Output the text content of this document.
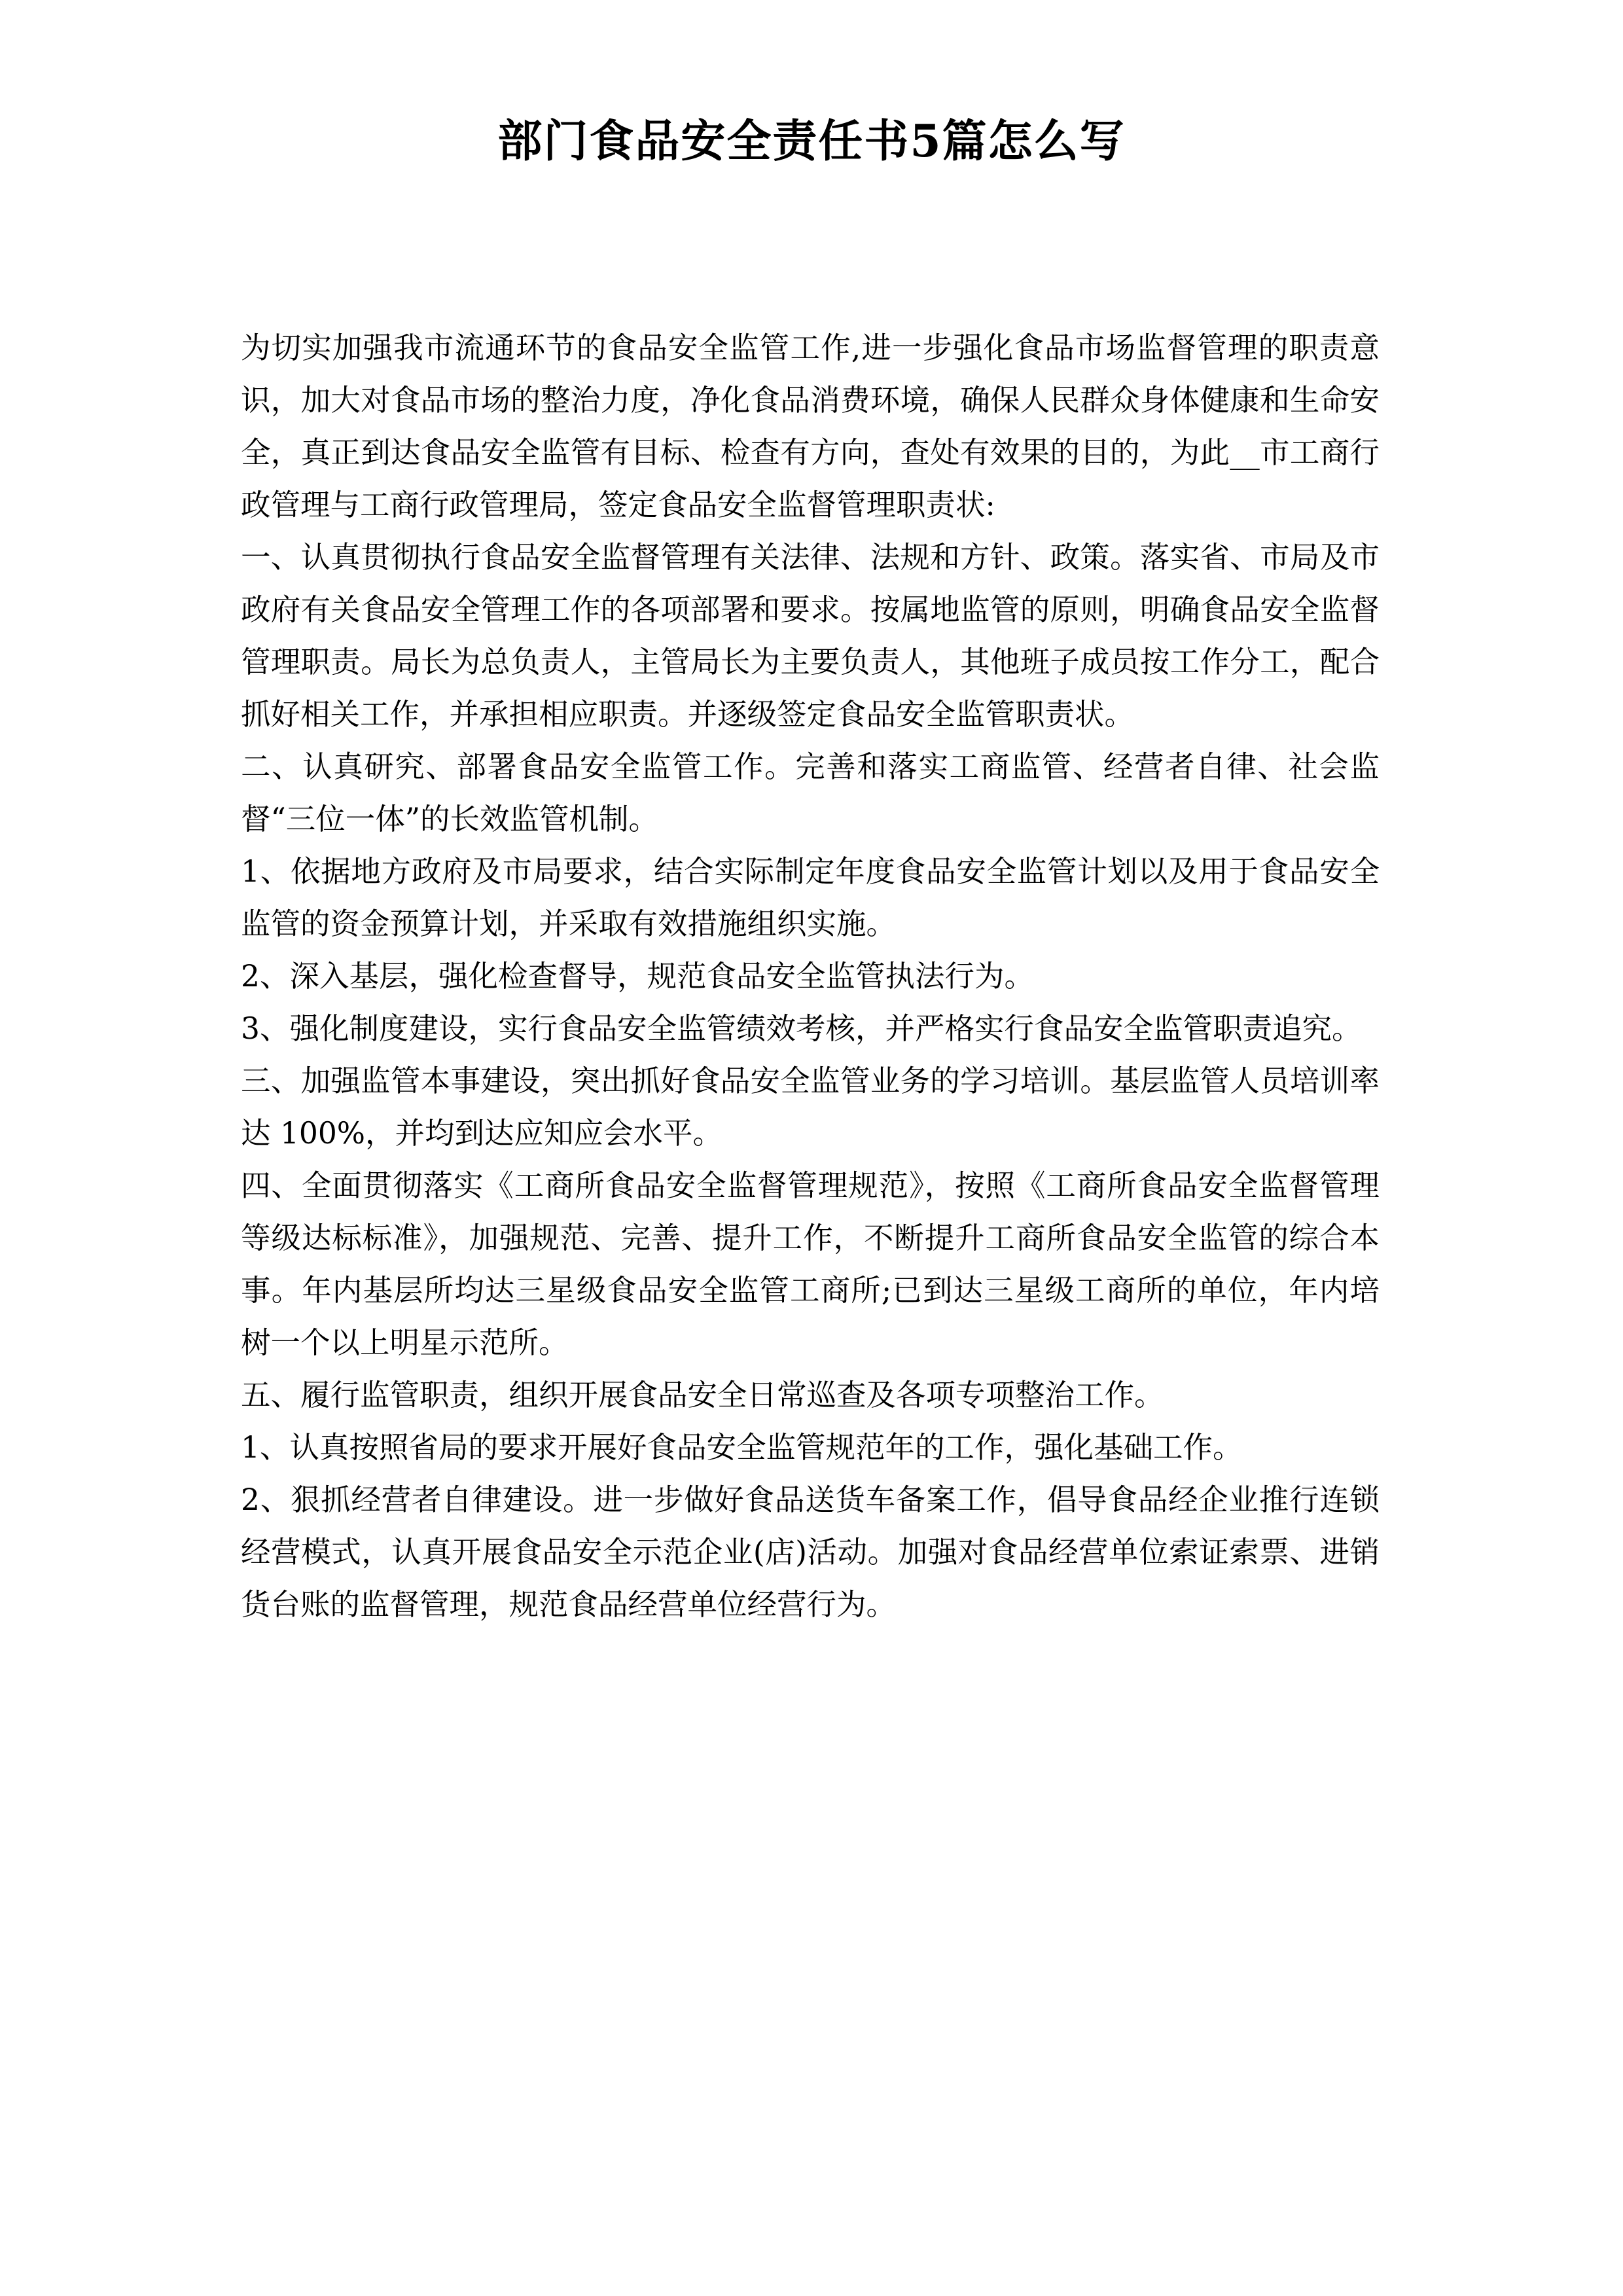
部门食品安全责任书5篇怎么写

为切实加强我市流通环节的食品安全监管工作,进一步强化食品市场监督管理的职责意识，加大对食品市场的整治力度，净化食品消费环境，确保人民群众身体健康和生命安全，真正到达食品安全监管有目标、检查有方向，查处有效果的目的，为此__市工商行政管理与工商行政管理局，签定食品安全监督管理职责状:

一、认真贯彻执行食品安全监督管理有关法律、法规和方针、政策。落实省、市局及市政府有关食品安全管理工作的各项部署和要求。按属地监管的原则，明确食品安全监督管理职责。局长为总负责人，主管局长为主要负责人，其他班子成员按工作分工，配合抓好相关工作，并承担相应职责。并逐级签定食品安全监管职责状。

二、认真研究、部署食品安全监管工作。完善和落实工商监管、经营者自律、社会监督“三位一体”的长效监管机制。

1、依据地方政府及市局要求，结合实际制定年度食品安全监管计划以及用于食品安全监管的资金预算计划，并采取有效措施组织实施。

2、深入基层，强化检查督导，规范食品安全监管执法行为。

3、强化制度建设，实行食品安全监管绩效考核，并严格实行食品安全监管职责追究。

三、加强监管本事建设，突出抓好食品安全监管业务的学习培训。基层监管人员培训率达 100%，并均到达应知应会水平。

四、全面贯彻落实《工商所食品安全监督管理规范》，按照《工商所食品安全监督管理等级达标标准》，加强规范、完善、提升工作，不断提升工商所食品安全监管的综合本事。年内基层所均达三星级食品安全监管工商所;已到达三星级工商所的单位，年内培树一个以上明星示范所。

五、履行监管职责，组织开展食品安全日常巡查及各项专项整治工作。

1、认真按照省局的要求开展好食品安全监管规范年的工作，强化基础工作。

2、狠抓经营者自律建设。进一步做好食品送货车备案工作，倡导食品经企业推行连锁经营模式，认真开展食品安全示范企业(店)活动。加强对食品经营单位索证索票、进销货台账的监督管理，规范食品经营单位经营行为。
